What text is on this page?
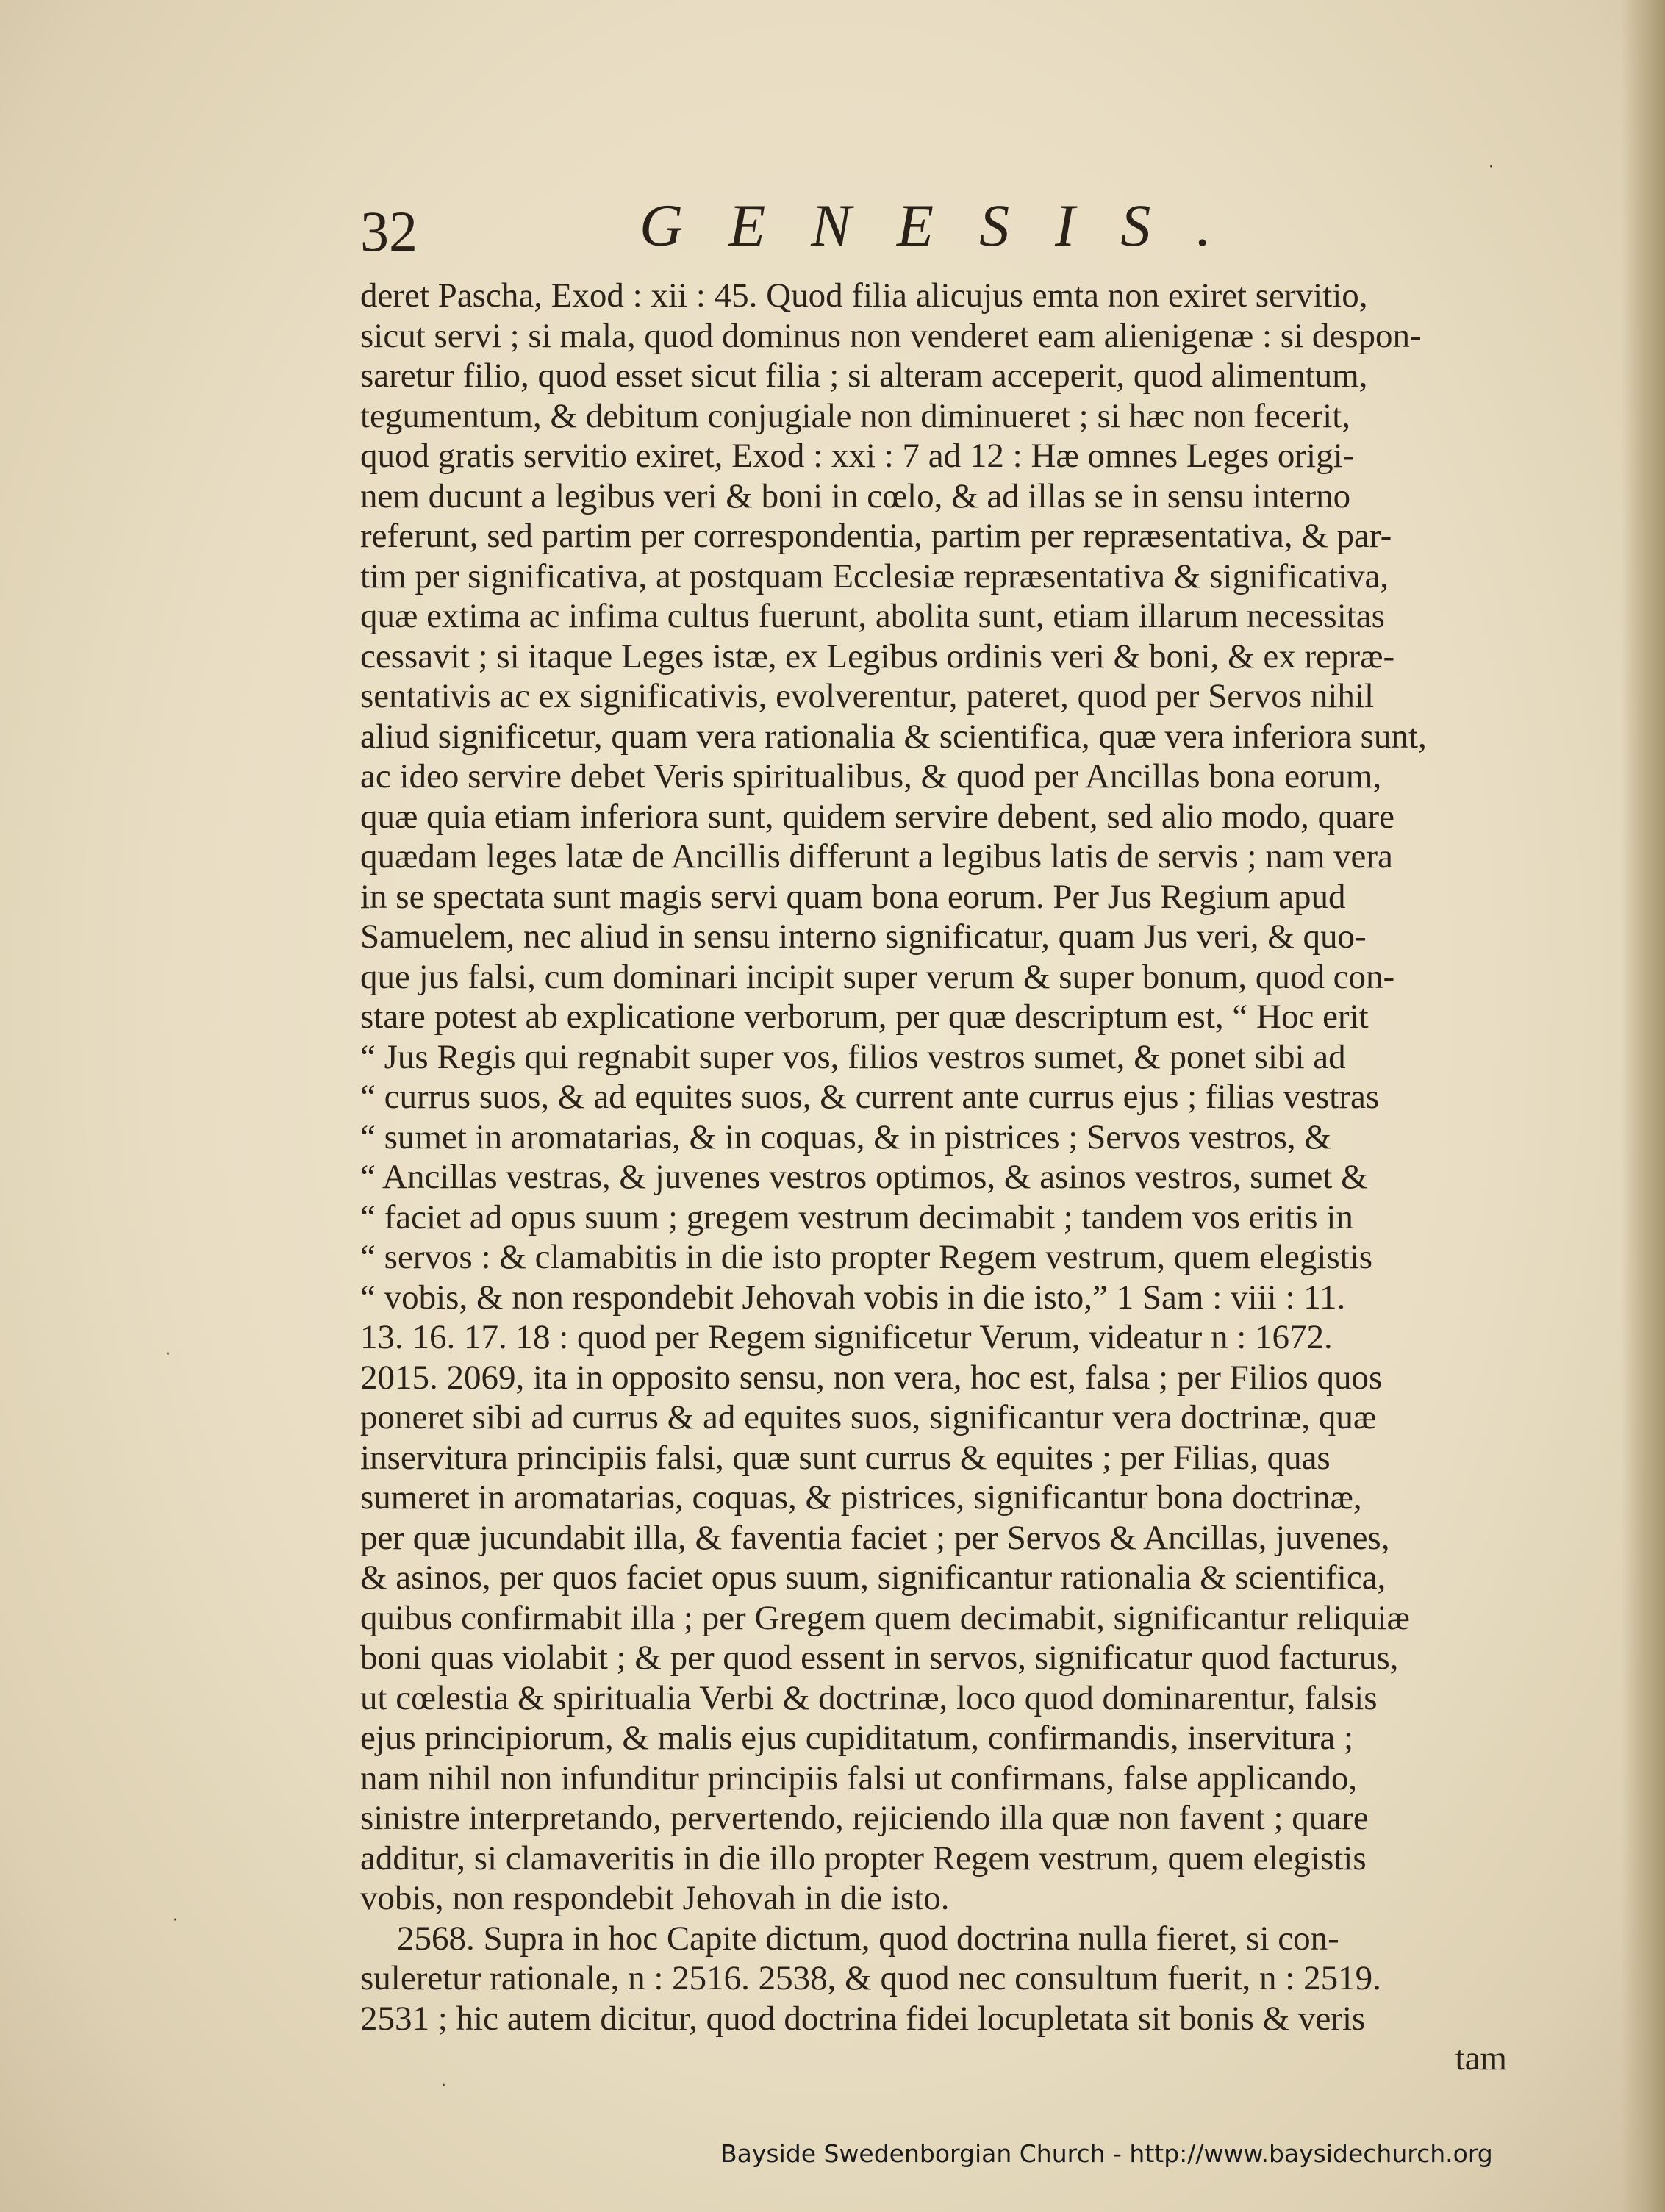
32	GENESIS.
deret Pascha, Exod : xii : 45. Quod filia alicujus emta non exiret servitio,
sicut servi ; si mala, quod dominus non venderet eam alienigenæ : si despon-
saretur filio, quod esset sicut filia ; si alteram acceperit, quod alimentum,
tegumentum, & debitum conjugiale non diminueret ; si hæc non fecerit,
quod gratis servitio exiret, Exod : xxi : 7 ad 12 : Hæ omnes Leges origi-
nem ducunt a legibus veri & boni in cœlo, & ad illas se in sensu interno
referunt, sed partim per correspondentia, partim per repræsentativa, & par-
tim per significativa, at postquam Ecclesiæ repræsentativa & significativa,
quæ extima ac infima cultus fuerunt, abolita sunt, etiam illarum necessitas
cessavit ; si itaque Leges istæ, ex Legibus ordinis veri & boni, & ex repræ-
sentativis ac ex significativis, evolverentur, pateret, quod per Servos nihil
aliud significetur, quam vera rationalia & scientifica, quæ vera inferiora sunt,
ac ideo servire debet Veris spiritualibus, & quod per Ancillas bona eorum,
quæ quia etiam inferiora sunt, quidem servire debent, sed alio modo, quare
quædam leges latæ de Ancillis differunt a legibus latis de servis ; nam vera
in se spectata sunt magis servi quam bona eorum. Per Jus Regium apud
Samuelem, nec aliud in sensu interno significatur, quam Jus veri, & quo-
que jus falsi, cum dominari incipit super verum & super bonum, quod con-
stare potest ab explicatione verborum, per quæ descriptum est, “ Hoc erit
“ Jus Regis qui regnabit super vos, filios vestros sumet, & ponet sibi ad
“ currus suos, & ad equites suos, & current ante currus ejus ; filias vestras
“ sumet in aromatarias, & in coquas, & in pistrices ; Servos vestros, &
“ Ancillas vestras, & juvenes vestros optimos, & asinos vestros, sumet &
“ faciet ad opus suum ; gregem vestrum decimabit ; tandem vos eritis in
“ servos : & clamabitis in die isto propter Regem vestrum, quem elegistis
“ vobis, & non respondebit Jehovah vobis in die isto,” 1 Sam : viii : 11.
13. 16. 17. 18 : quod per Regem significetur Verum, videatur n : 1672.
2015. 2069, ita in opposito sensu, non vera, hoc est, falsa ; per Filios quos
poneret sibi ad currus & ad equites suos, significantur vera doctrinæ, quæ
inservitura principiis falsi, quæ sunt currus & equites ; per Filias, quas
sumeret in aromatarias, coquas, & pistrices, significantur bona doctrinæ,
per quæ jucundabit illa, & faventia faciet ; per Servos & Ancillas, juvenes,
& asinos, per quos faciet opus suum, significantur rationalia & scientifica,
quibus confirmabit illa ; per Gregem quem decimabit, significantur reliquiæ
boni quas violabit ; & per quod essent in servos, significatur quod facturus,
ut cœlestia & spiritualia Verbi & doctrinæ, loco quod dominarentur, falsis
ejus principiorum, & malis ejus cupiditatum, confirmandis, inservitura ;
nam nihil non infunditur principiis falsi ut confirmans, false applicando,
sinistre interpretando, pervertendo, rejiciendo illa quæ non favent ; quare
additur, si clamaveritis in die illo propter Regem vestrum, quem elegistis
vobis, non respondebit Jehovah in die isto.
2568. Supra in hoc Capite dictum, quod doctrina nulla fieret, si con-
suleretur rationale, n : 2516. 2538, & quod nec consultum fuerit, n : 2519.
2531 ; hic autem dicitur, quod doctrina fidei locupletata sit bonis & veris
tam
·
·
·
·
Bayside Swedenborgian Church - http://www.baysidechurch.org
